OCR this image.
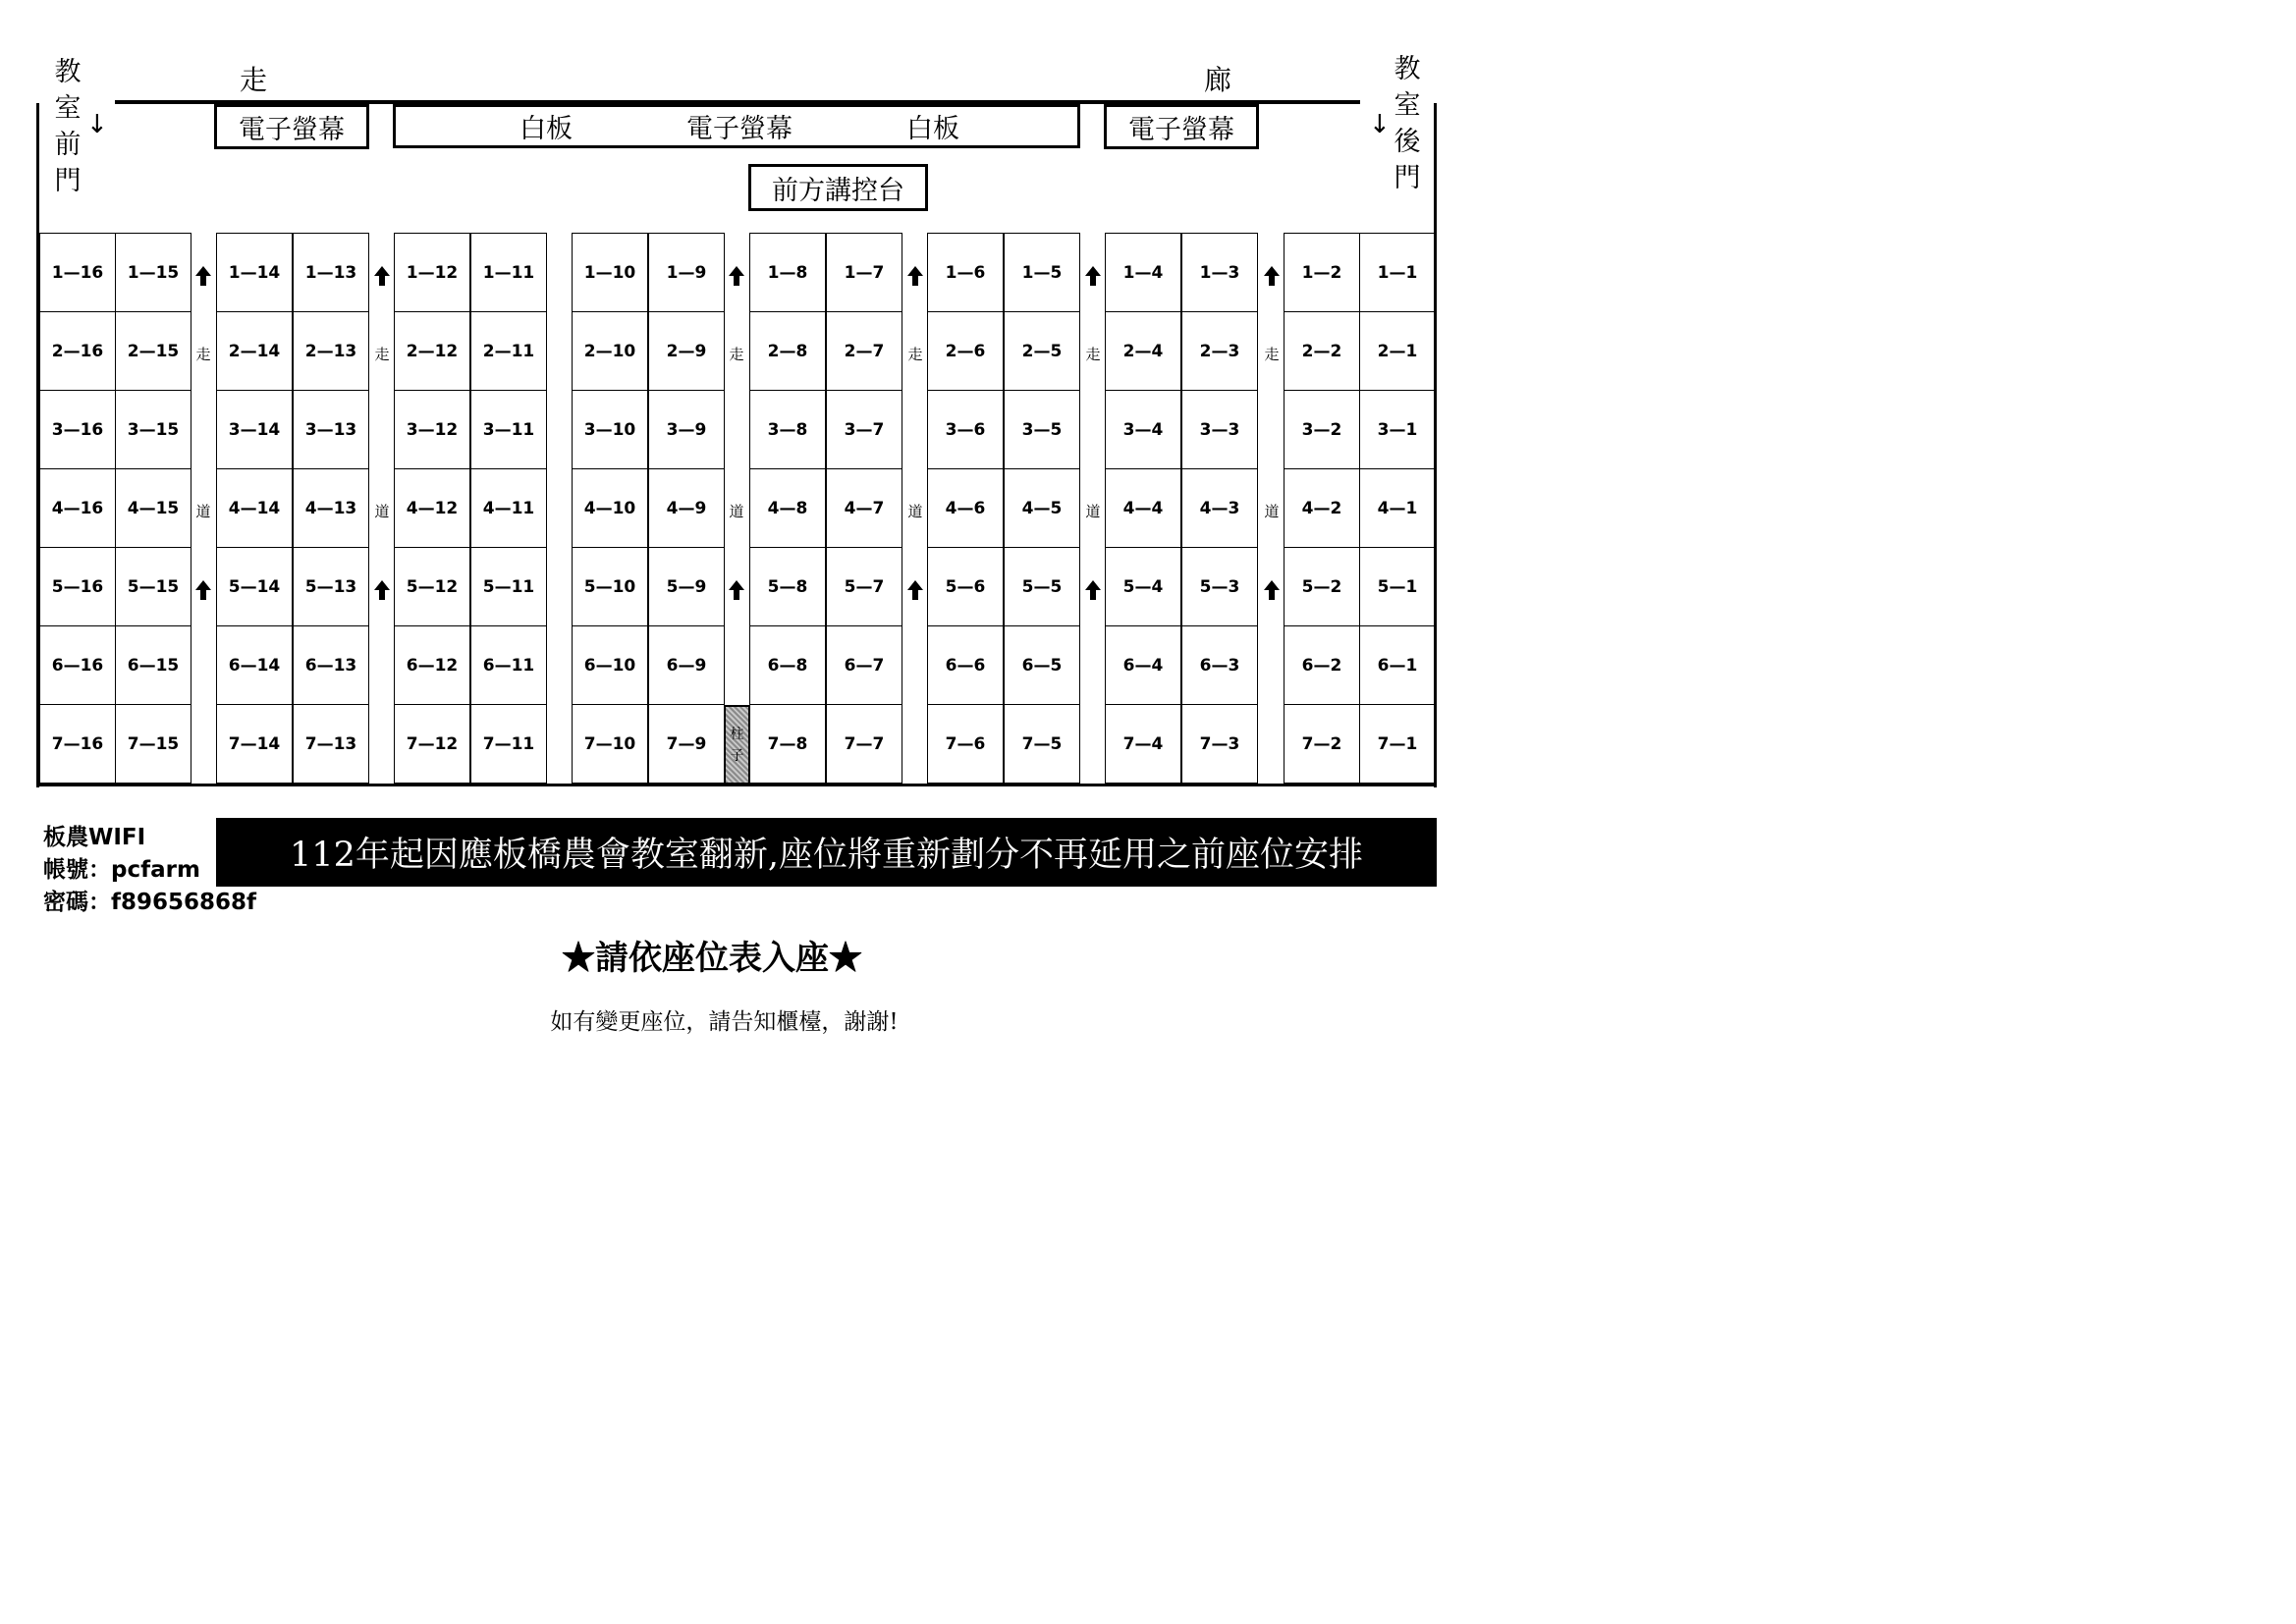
教
室
前
門
↓
教
室
後
門
↓
走	廊
電子螢幕	白板	電子螢幕	白板	電子螢幕
前方講控台
1—16	1—15	1—14	1—13	1—12	1—11	1—10	1—9	1—8	1—7	1—6	1—5	1—4	1—3	1—2	1—1
2—16	2—15	2—14	2—13	2—12	2—11	2—10	2—9	2—8	2—7	2—6	2—5	2—4	2—3	2—2	2—1
3—16	3—15	3—14	3—13	3—12	3—11	3—10	3—9	3—8	3—7	3—6	3—5	3—4	3—3	3—2	3—1
4—16	4—15	4—14	4—13	4—12	4—11	4—10	4—9	4—8	4—7	4—6	4—5	4—4	4—3	4—2	4—1
5—16	5—15	5—14	5—13	5—12	5—11	5—10	5—9	5—8	5—7	5—6	5—5	5—4	5—3	5—2	5—1
6—16	6—15	6—14	6—13	6—12	6—11	6—10	6—9	6—8	6—7	6—6	6—5	6—4	6—3	6—2	6—1
7—16	7—15	7—14	7—13	7—12	7—11	7—10	7—9	7—8	7—7	7—6	7—5	7—4	7—3	7—2	7—1
走
道
走
道
走
道
走
道
走
道
走
道
柱
子
板農WIFI
帳號：pcfarm
密碼：f89656868f
112年起因應板橋農會教室翻新,座位將重新劃分不再延用之前座位安排
★請依座位表入座★
如有變更座位，請告知櫃檯，謝謝!
